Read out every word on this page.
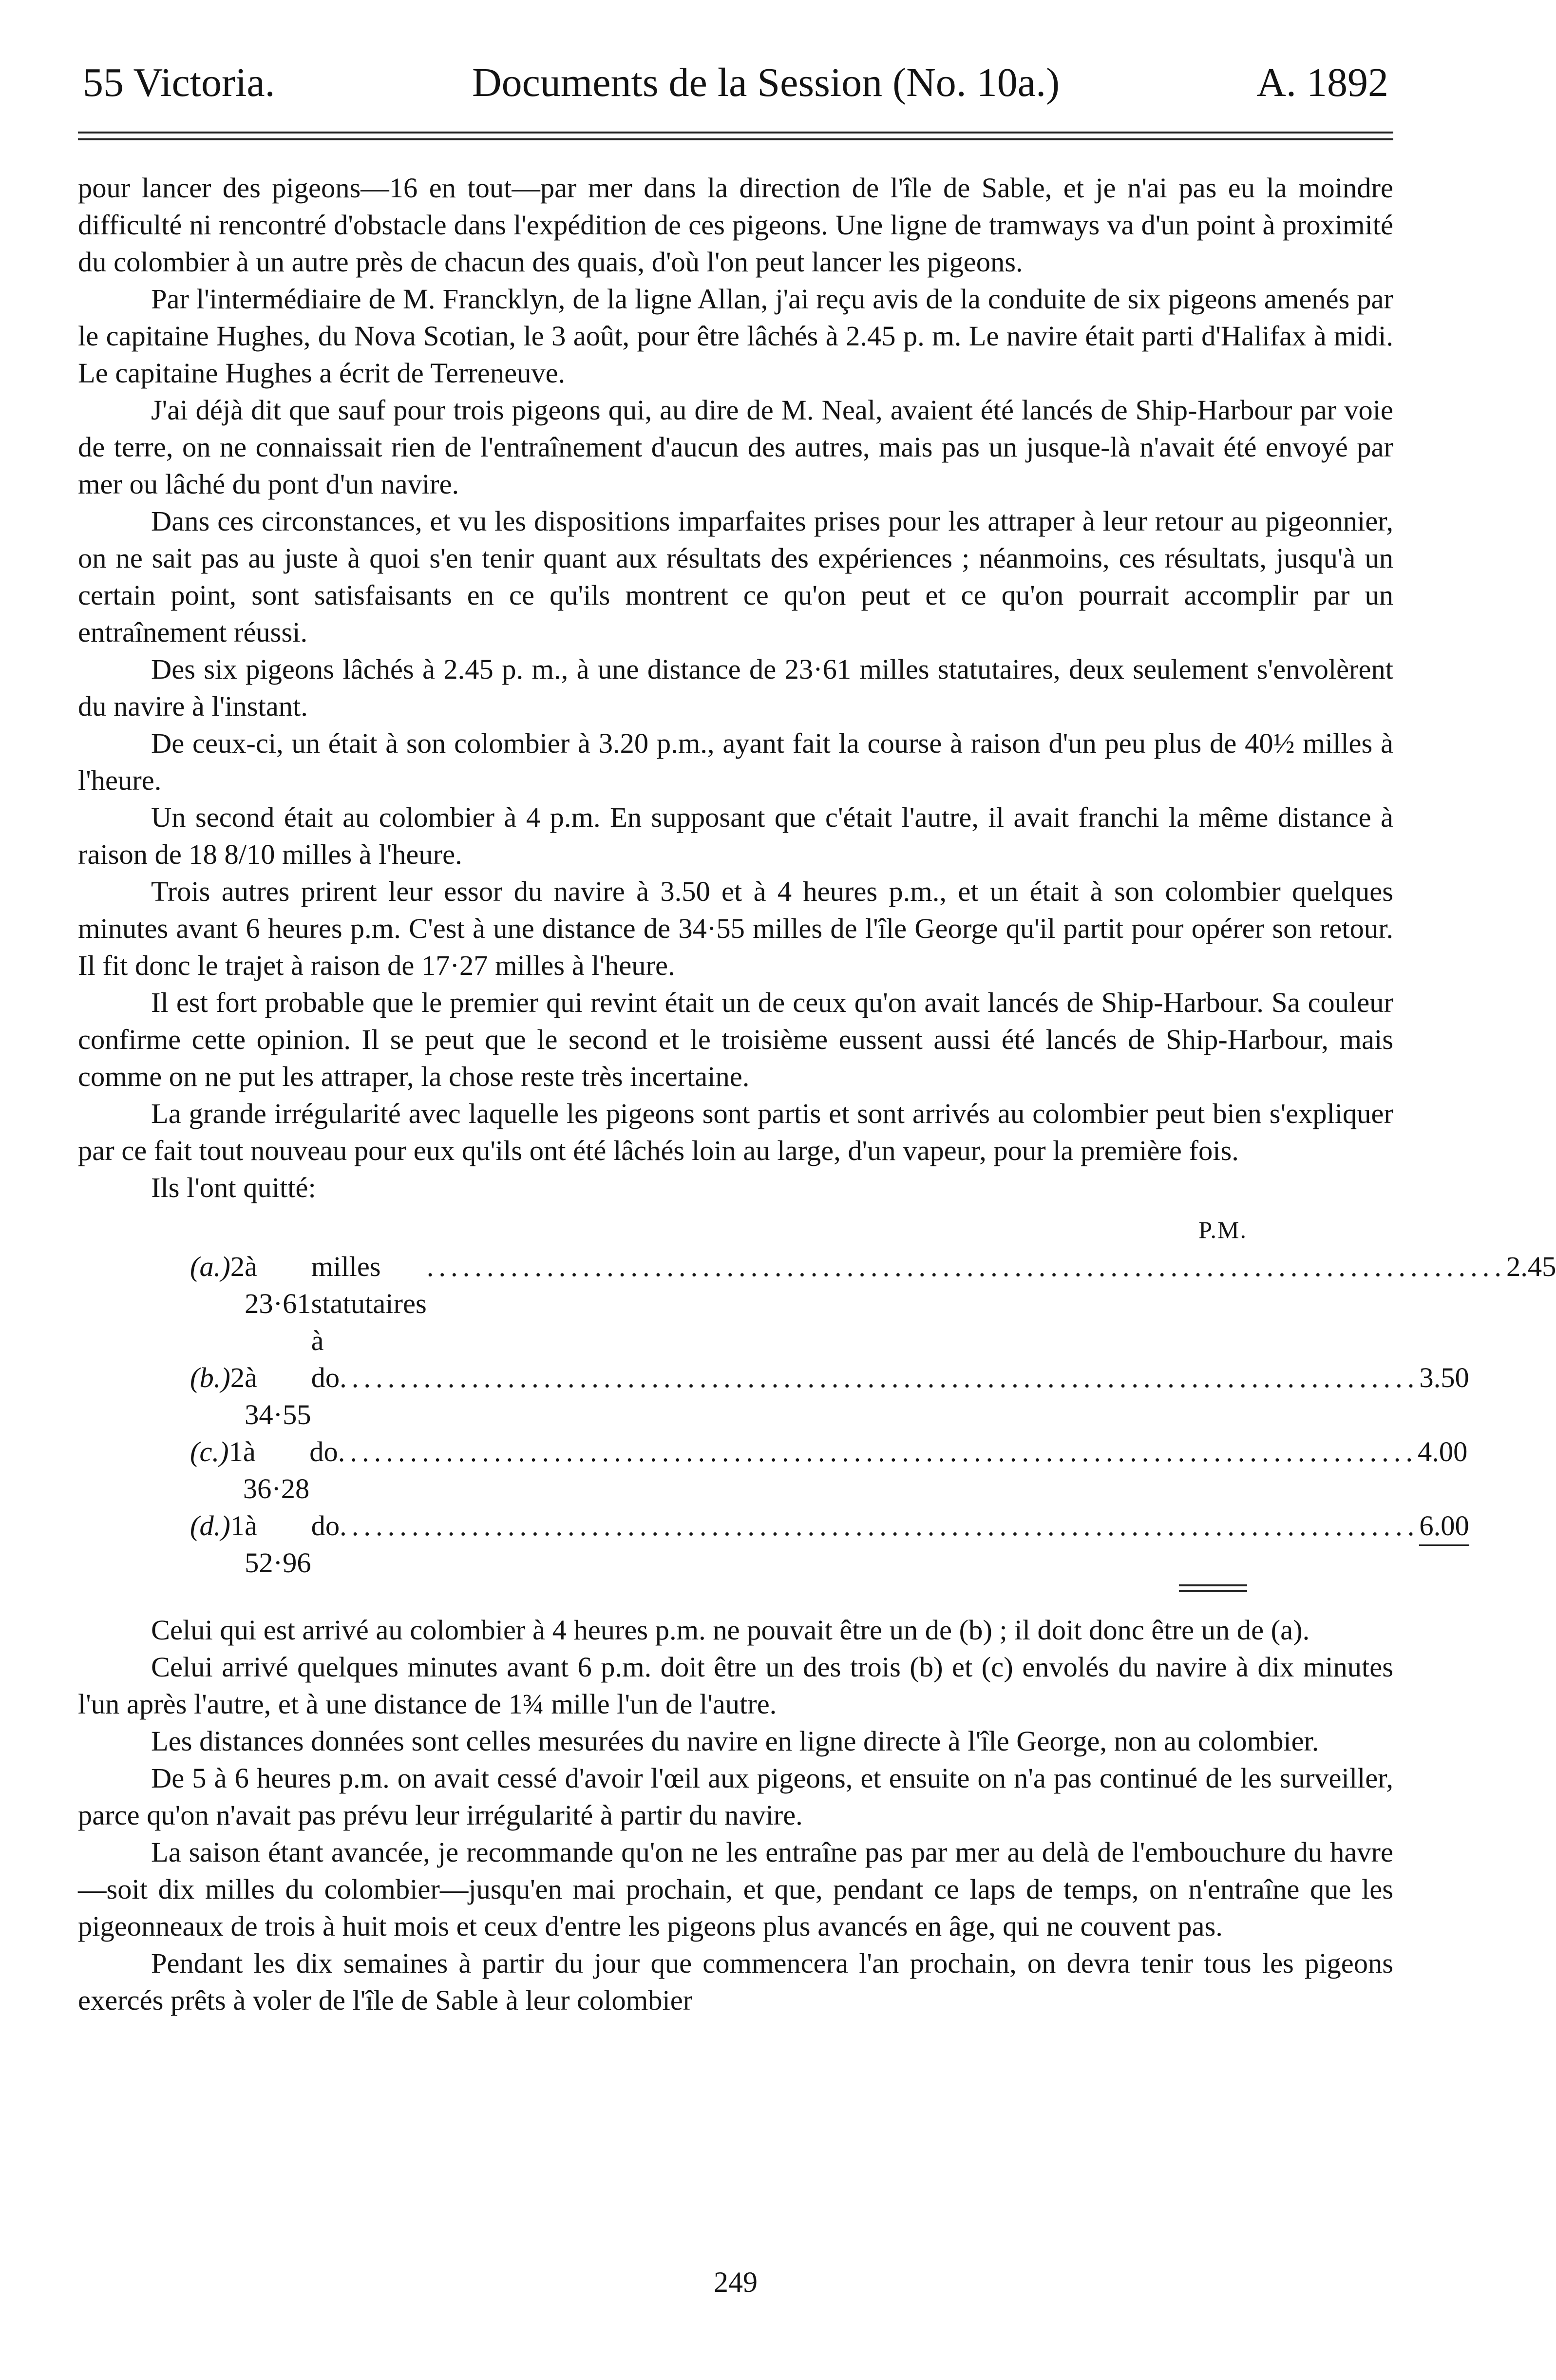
55 Victoria.	Documents de la Session (No. 10a.)	A. 1892

pour lancer des pigeons—16 en tout—par mer dans la direction de l'île de Sable, et je n'ai pas eu la moindre difficulté ni rencontré d'obstacle dans l'expédition de ces pigeons. Une ligne de tramways va d'un point à proximité du colombier à un autre près de chacun des quais, d'où l'on peut lancer les pigeons.

Par l'intermédiaire de M. Francklyn, de la ligne Allan, j'ai reçu avis de la conduite de six pigeons amenés par le capitaine Hughes, du Nova Scotian, le 3 août, pour être lâchés à 2.45 p. m. Le navire était parti d'Halifax à midi. Le capitaine Hughes a écrit de Terreneuve.

J'ai déjà dit que sauf pour trois pigeons qui, au dire de M. Neal, avaient été lancés de Ship-Harbour par voie de terre, on ne connaissait rien de l'entraînement d'aucun des autres, mais pas un jusque-là n'avait été envoyé par mer ou lâché du pont d'un navire.

Dans ces circonstances, et vu les dispositions imparfaites prises pour les attraper à leur retour au pigeonnier, on ne sait pas au juste à quoi s'en tenir quant aux résultats des expériences ; néanmoins, ces résultats, jusqu'à un certain point, sont satisfaisants en ce qu'ils montrent ce qu'on peut et ce qu'on pourrait accomplir par un entraînement réussi.

Des six pigeons lâchés à 2.45 p. m., à une distance de 23·61 milles statutaires, deux seulement s'envolèrent du navire à l'instant.

De ceux-ci, un était à son colombier à 3.20 p.m., ayant fait la course à raison d'un peu plus de 40½ milles à l'heure.

Un second était au colombier à 4 p.m. En supposant que c'était l'autre, il avait franchi la même distance à raison de 18 8/10 milles à l'heure.

Trois autres prirent leur essor du navire à 3.50 et à 4 heures p.m., et un était à son colombier quelques minutes avant 6 heures p.m. C'est à une distance de 34·55 milles de l'île George qu'il partit pour opérer son retour. Il fit donc le trajet à raison de 17·27 milles à l'heure.

Il est fort probable que le premier qui revint était un de ceux qu'on avait lancés de Ship-Harbour. Sa couleur confirme cette opinion. Il se peut que le second et le troisième eussent aussi été lancés de Ship-Harbour, mais comme on ne put les attraper, la chose reste très incertaine.

La grande irrégularité avec laquelle les pigeons sont partis et sont arrivés au colombier peut bien s'expliquer par ce fait tout nouveau pour eux qu'ils ont été lâchés loin au large, d'un vapeur, pour la première fois.

Ils l'ont quitté:

P.M.
(a.) 2 à 23·61
milles statutaires à
.......................................................................................... 2.45
(b.) 2 à 34·55
do .......................................................................................... 3.50
(c.) 1 à 36·28
do .......................................................................................... 4.00
(d.) 1 à 52·96
do .......................................................................................... 6.00

Celui qui est arrivé au colombier à 4 heures p.m. ne pouvait être un de (b) ; il doit donc être un de (a).

Celui arrivé quelques minutes avant 6 p.m. doit être un des trois (b) et (c) envolés du navire à dix minutes l'un après l'autre, et à une distance de 1¾ mille l'un de l'autre.

Les distances données sont celles mesurées du navire en ligne directe à l'île George, non au colombier.

De 5 à 6 heures p.m. on avait cessé d'avoir l'œil aux pigeons, et ensuite on n'a pas continué de les surveiller, parce qu'on n'avait pas prévu leur irrégularité à partir du navire.

La saison étant avancée, je recommande qu'on ne les entraîne pas par mer au delà de l'embouchure du havre—soit dix milles du colombier—jusqu'en mai prochain, et que, pendant ce laps de temps, on n'entraîne que les pigeonneaux de trois à huit mois et ceux d'entre les pigeons plus avancés en âge, qui ne couvent pas.

Pendant les dix semaines à partir du jour que commencera l'an prochain, on devra tenir tous les pigeons exercés prêts à voler de l'île de Sable à leur colombier

249
